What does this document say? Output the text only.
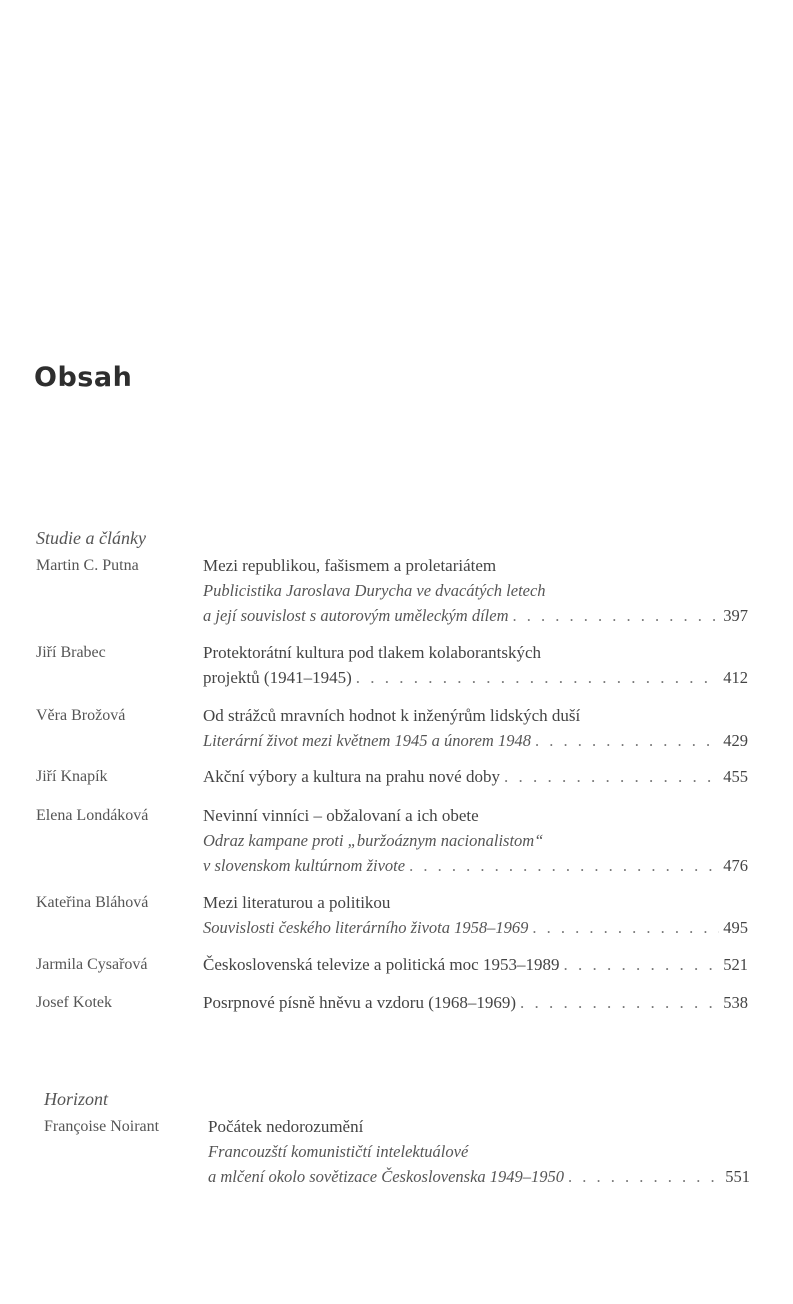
Obsah
Studie a články
Martin C. Putna	Mezi republikou, fašismem a proletariátem
Publicistika Jaroslava Durycha ve dvacátých letech
a její souvislost s autorovým uměleckým dílem . . .	397
Jiří Brabec	Protektorátní kultura pod tlakem kolaborantských
projektů (1941–1945) . . .	412
Věra Brožová	Od strážců mravních hodnot k inženýrům lidských duší
Literární život mezi květnem 1945 a únorem 1948 . . .	429
Jiří Knapík	Akční výbory a kultura na prahu nové doby . . .	455
Elena Londáková	Nevinní vinníci – obžalovaní a ich obete
Odraz kampane proti „buržoáznym nacionalistom“
v slovenskom kultúrnom živote . . .	476
Kateřina Bláhová	Mezi literaturou a politikou
Souvislosti českého literárního života 1958–1969 . . .	495
Jarmila Cysařová	Československá televize a politická moc 1953–1989 . . .	521
Josef Kotek	Posrpnové písně hněvu a vzdoru (1968–1969) . . .	538
Horizont
Françoise Noirant	Počátek nedorozumění
Francouzští komunističtí intelektuálové
a mlčení okolo sovětizace Československa 1949–1950 . . .	551
